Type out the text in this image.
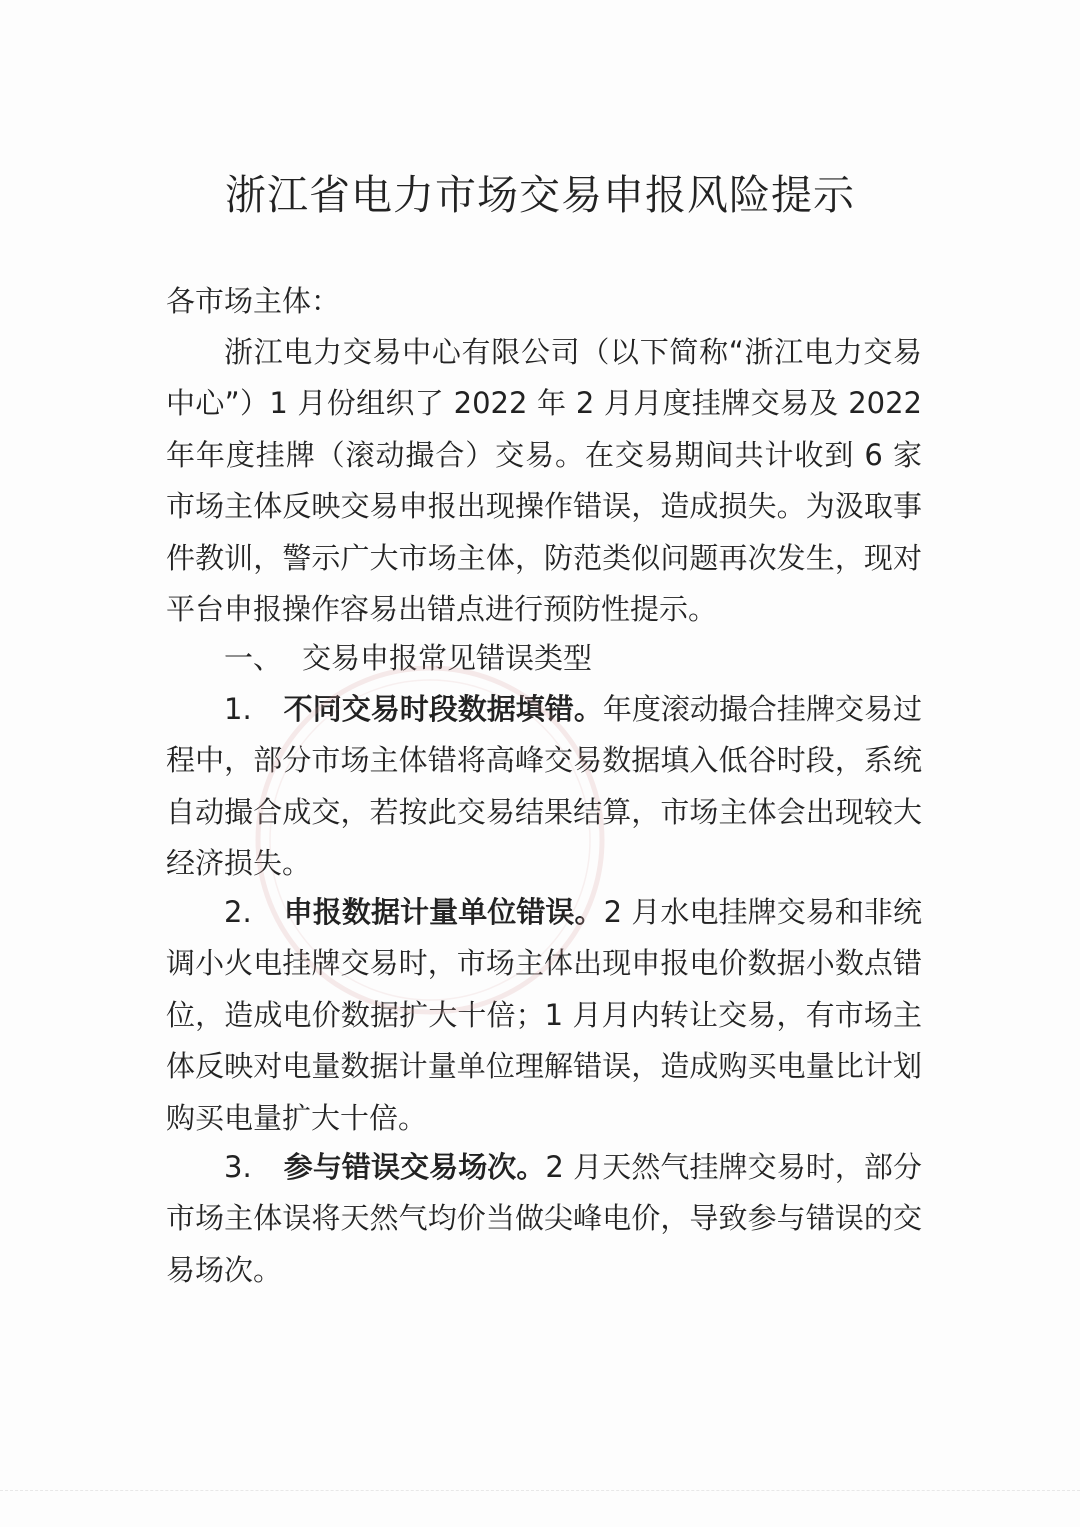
浙江省电力市场交易申报风险提示
各市场主体：
浙江电力交易中心有限公司（以下简称“浙江电力交易中心”）1 月份组织了 2022 年 2 月月度挂牌交易及 2022 年年度挂牌（滚动撮合）交易。在交易期间共计收到 6 家市场主体反映交易申报出现操作错误，造成损失。为汲取事件教训，警示广大市场主体，防范类似问题再次发生，现对平台申报操作容易出错点进行预防性提示。
一、 交易申报常见错误类型
1. 不同交易时段数据填错。年度滚动撮合挂牌交易过程中，部分市场主体错将高峰交易数据填入低谷时段，系统自动撮合成交，若按此交易结果结算，市场主体会出现较大经济损失。
2. 申报数据计量单位错误。2 月水电挂牌交易和非统调小火电挂牌交易时，市场主体出现申报电价数据小数点错位，造成电价数据扩大十倍；1 月月内转让交易，有市场主体反映对电量数据计量单位理解错误，造成购买电量比计划购买电量扩大十倍。
3. 参与错误交易场次。2 月天然气挂牌交易时，部分市场主体误将天然气均价当做尖峰电价，导致参与错误的交易场次。
